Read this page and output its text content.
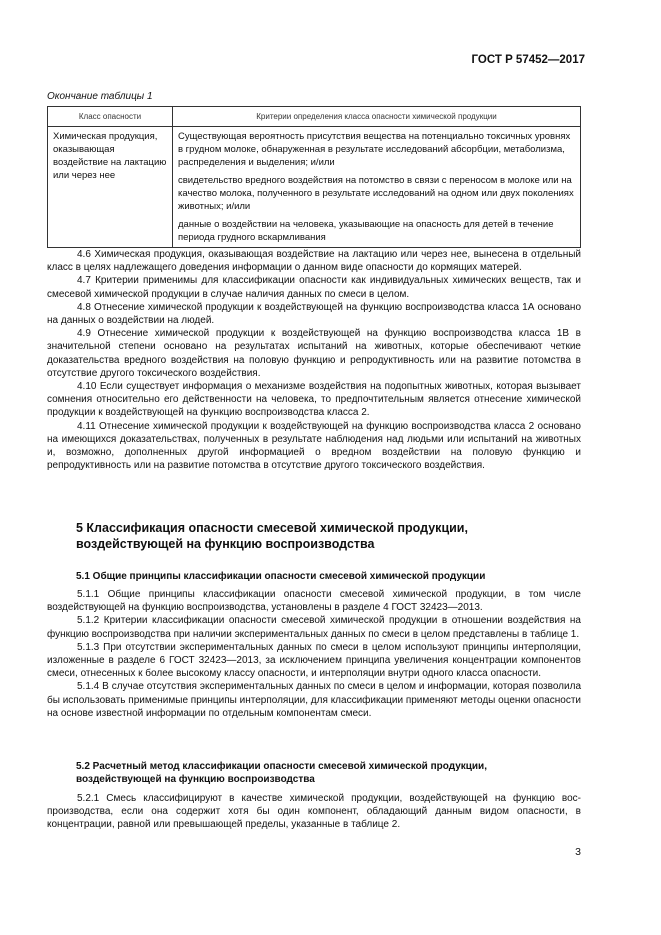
ГОСТ Р 57452—2017
Окончание таблицы 1
Класс опасности	Критерии определения класса опасности химической продукции
Химическая продукция, оказывающая воздействие на лактацию или через нее	Существующая вероятность присутствия вещества на потенциально токсичных уровнях в грудном молоке, обнаруженная в результате исследований абсорбции, метаболизма, распределения и выделения; и/или

свидетельство вредного воздействия на потомство в связи с переносом в молоке или на качество молока, полученного в результате исследований на одном или двух поколениях животных; и/или

данные о воздействии на человека, указывающие на опасность для детей в течение периода грудного вскармливания

4.6 Химическая продукция, оказывающая воздействие на лактацию или через нее, вынесена в отдельный класс в целях надлежащего доведения информации о данном виде опасности до кормящих матерей.

4.7 Критерии применимы для классификации опасности как индивидуальных химических веществ, так и смесевой химической продукции в случае наличия данных по смеси в целом.

4.8 Отнесение химической продукции к воздействующей на функцию воспроизводства класса 1А основано на данных о воздействии на людей.

4.9 Отнесение химической продукции к воздействующей на функцию воспроизводства класса 1В в значительной степени основано на результатах испытаний на животных, которые обеспечивают четкие доказательства вредного воздействия на половую функцию и репродуктивность или на развитие потомства в отсутствие другого токсического воздействия.

4.10 Если существует информация о механизме воздействия на подопытных животных, которая вызывает сомнения относительно его действенности на человека, то предпочтительным является отнесение химической продукции к воздействующей на функцию воспроизводства класса 2.

4.11 Отнесение химической продукции к воздействующей на функцию воспроизводства класса 2 основано на имеющихся доказательствах, полученных в результате наблюдения над людьми или испытаний на животных и, возможно, дополненных другой информацией о вредном воздействии на половую функцию и репродуктивность или на развитие потомства в отсутствие другого токсического воздействия.

5 Классификация опасности смесевой химической продукции,
воздействующей на функцию воспроизводства
5.1 Общие принципы классификации опасности смесевой химической продукции

5.1.1 Общие принципы классификации опасности смесевой химической продукции, в том числе воздействующей на функцию воспроизводства, установлены в разделе 4 ГОСТ 32423—2013.

5.1.2 Критерии классификации опасности смесевой химической продукции в отношении воздействия на функцию воспроизводства при наличии экспериментальных данных по смеси в целом представлены в таблице 1.

5.1.3 При отсутствии экспериментальных данных по смеси в целом используют принципы интерполяции, изложенные в разделе 6 ГОСТ 32423—2013, за исключением принципа увеличения концентрации компонентов смеси, отнесенных к более высокому классу опасности, и интерполяции внутри одного класса опасности.

5.1.4 В случае отсутствия экспериментальных данных по смеси в целом и информации, которая позволила бы использовать применимые принципы интерполяции, для классификации применяют методы оценки опасности на основе известной информации по отдельным компонентам смеси.

5.2 Расчетный метод классификации опасности смесевой химической продукции,
воздействующей на функцию воспроизводства

5.2.1 Смесь классифицируют в качестве химической продукции, воздействующей на функцию воспроизводства, если она содержит хотя бы один компонент, обладающий данным видом опасности, в концентрации, равной или превышающей пределы, указанные в таблице 2.

3
